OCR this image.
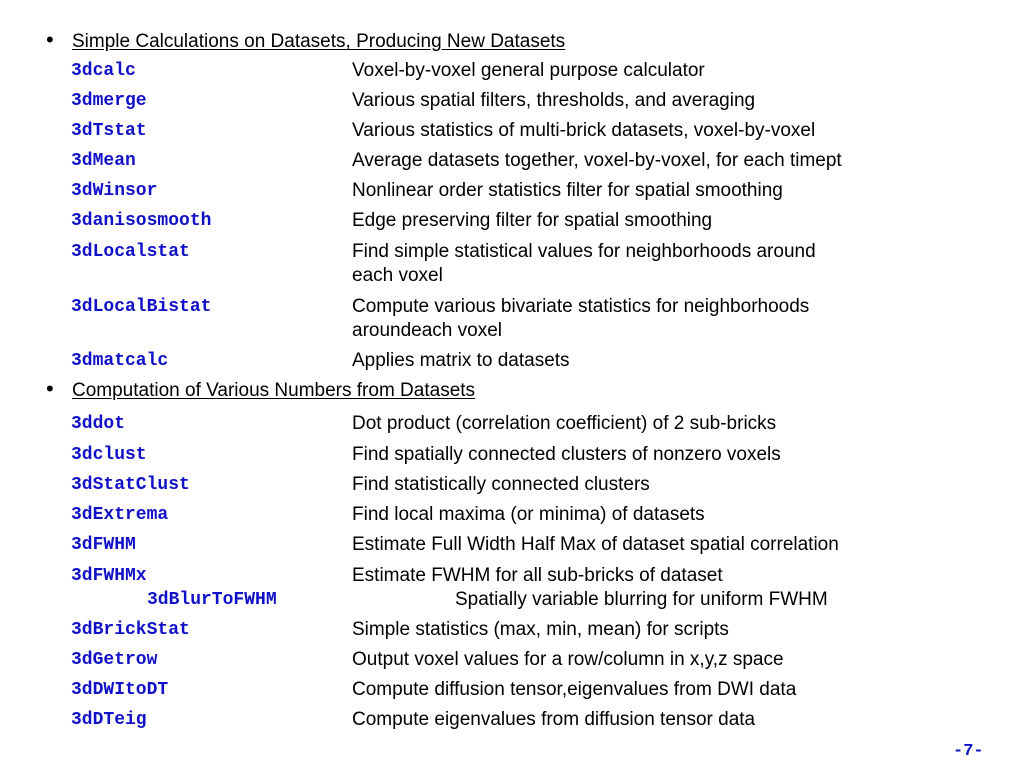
• Simple Calculations on Datasets, Producing New Datasets
3dcalc	Voxel-by-voxel general purpose calculator
3dmerge	Various spatial filters, thresholds, and averaging
3dTstat	Various statistics of multi-brick datasets, voxel-by-voxel
3dMean	Average datasets together, voxel-by-voxel, for each timept
3dWinsor	Nonlinear order statistics filter for spatial smoothing
3danisosmooth	Edge preserving filter for spatial smoothing
3dLocalstat	Find simple statistical values for neighborhoods around
each voxel
3dLocalBistat	Compute various bivariate statistics for neighborhoods
aroundeach voxel
3dmatcalc	Applies matrix to datasets
• Computation of Various Numbers from Datasets
3ddot	Dot product (correlation coefficient) of 2 sub-bricks
3dclust	Find spatially connected clusters of nonzero voxels
3dStatClust	Find statistically connected clusters
3dExtrema	Find local maxima (or minima) of datasets
3dFWHM	Estimate Full Width Half Max of dataset spatial correlation
3dFWHMx	Estimate FWHM for all sub-bricks of dataset
3dBlurToFWHM	Spatially variable blurring for uniform FWHM
3dBrickStat	Simple statistics (max, min, mean) for scripts
3dGetrow	Output voxel values for a row/column in x,y,z space
3dDWItoDT	Compute diffusion tensor,eigenvalues from DWI data
3dDTeig	Compute eigenvalues from diffusion tensor data
-7-
